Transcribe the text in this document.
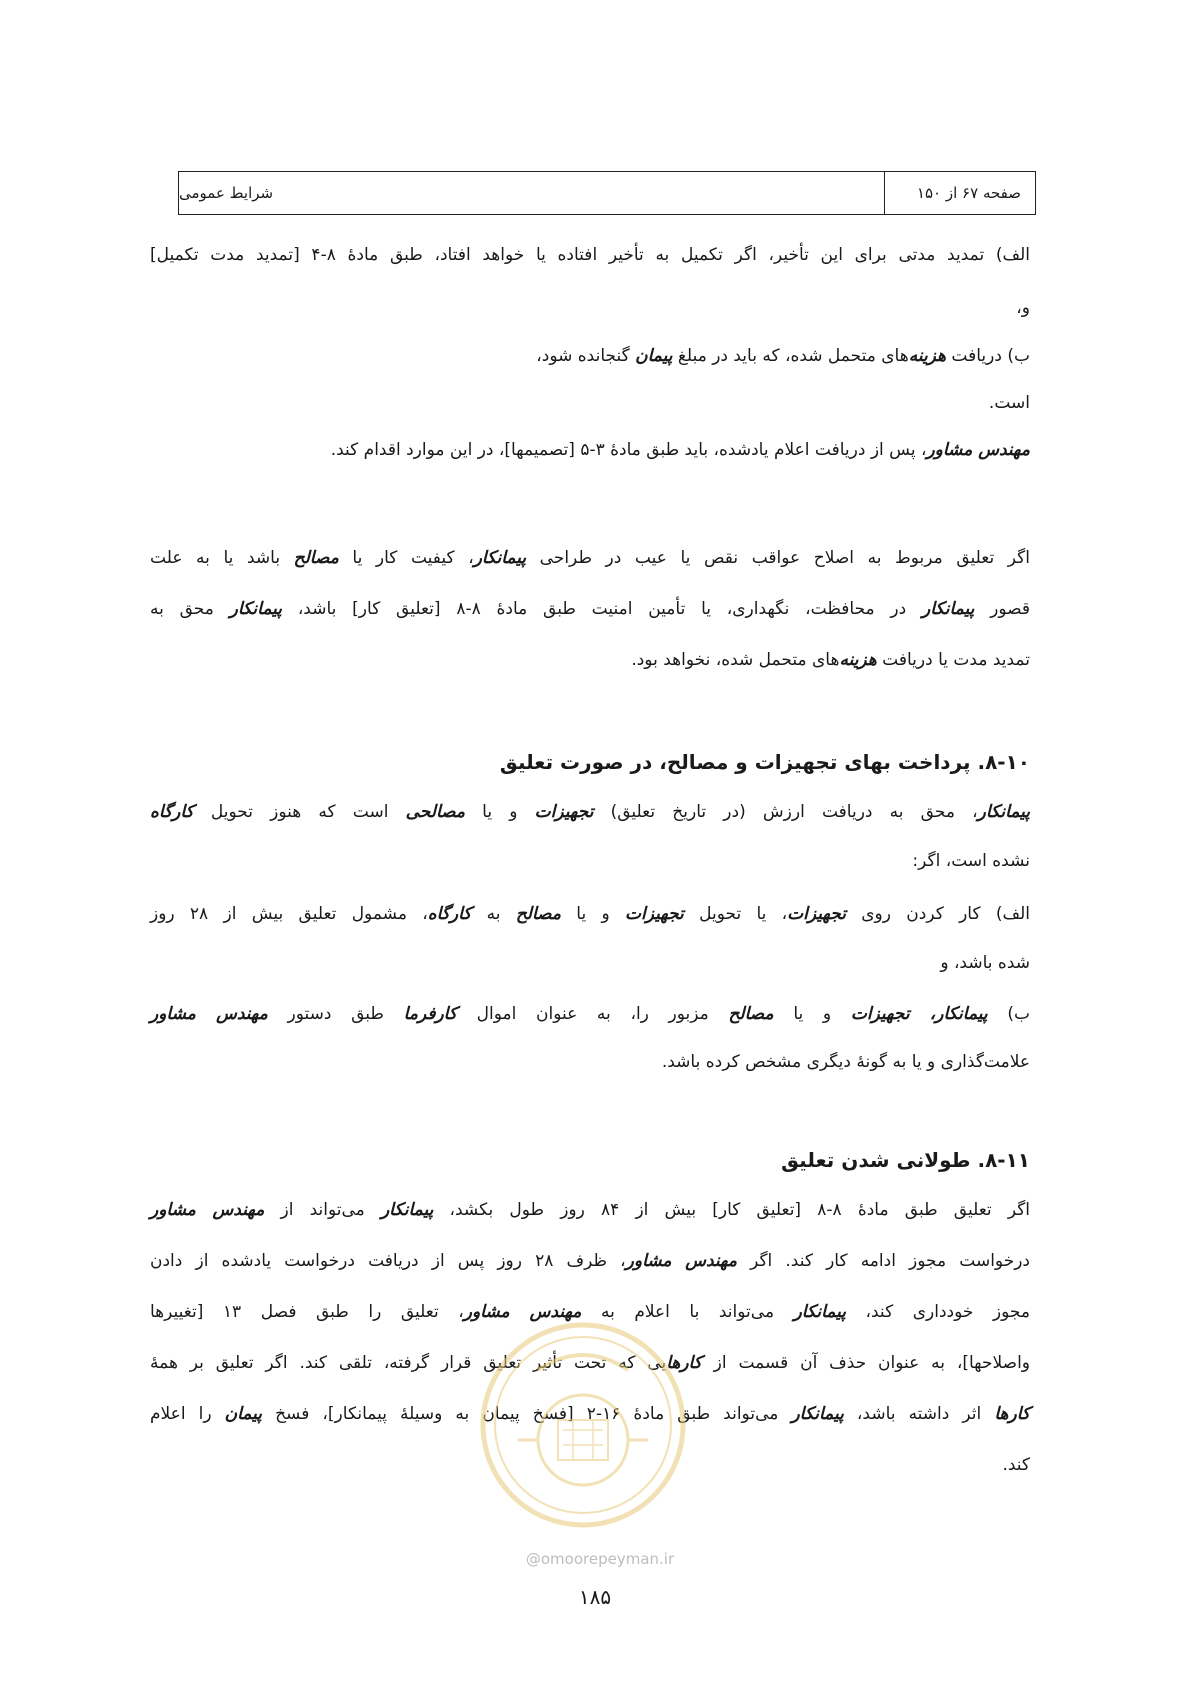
شرایط عمومی	صفحه ۶۷ از ۱۵۰
الف) تمدید مدتی برای این تأخیر، اگر تکمیل به تأخیر افتاده یا خواهد افتاد، طبق مادهٔ ۸-۴ [تمدید مدت تکمیل]
و،
ب) دریافت هزینه‌های متحمل شده، که باید در مبلغ پیمان گنجانده شود،
است.
مهندس مشاور، پس از دریافت اعلام یادشده، باید طبق مادهٔ ۳-۵ [تصمیمها]، در این موارد اقدام کند.
اگر تعلیق مربوط به اصلاح عواقب نقص یا عیب در طراحی پیمانکار، کیفیت کار یا مصالح باشد یا به علت
قصور پیمانکار در محافظت، نگهداری، یا تأمین امنیت طبق مادهٔ ۸-۸ [تعلیق کار] باشد، پیمانکار محق به
تمدید مدت یا دریافت هزینه‌های متحمل شده، نخواهد بود.
۸-۱۰. پرداخت بهای تجهیزات و مصالح، در صورت تعلیق
پیمانکار، محق به دریافت ارزش (در تاریخ تعلیق) تجهیزات و یا مصالحی است که هنوز تحویل کارگاه
نشده است، اگر:
الف) کار کردن روی تجهیزات، یا تحویل تجهیزات و یا مصالح به کارگاه، مشمول تعلیق بیش از ۲۸ روز
شده باشد، و
ب) پیمانکار، تجهیزات و یا مصالح مزبور را، به عنوان اموال کارفرما طبق دستور مهندس مشاور
علامت‌گذاری و یا به گونهٔ دیگری مشخص کرده باشد.
۸-۱۱. طولانی شدن تعلیق
اگر تعلیق طبق مادهٔ ۸-۸ [تعلیق کار] بیش از ۸۴ روز طول بکشد، پیمانکار می‌تواند از مهندس مشاور
درخواست مجوز ادامه کار کند. اگر مهندس مشاور، ظرف ۲۸ روز پس از دریافت درخواست یادشده از دادن
مجوز خودداری کند، پیمانکار می‌تواند با اعلام به مهندس مشاور، تعلیق را طبق فصل ۱۳ [تغییرها
واصلاحها]، به عنوان حذف آن قسمت از کارهایی که تحت تأثیر تعلیق قرار گرفته، تلقی کند. اگر تعلیق بر همهٔ
کارها اثر داشته باشد، پیمانکار می‌تواند طبق مادهٔ ۱۶-۲ [فسخ پیمان به وسیلهٔ پیمانکار]، فسخ پیمان را اعلام
کند.
@omoorepeyman.ir
۱۸۵
